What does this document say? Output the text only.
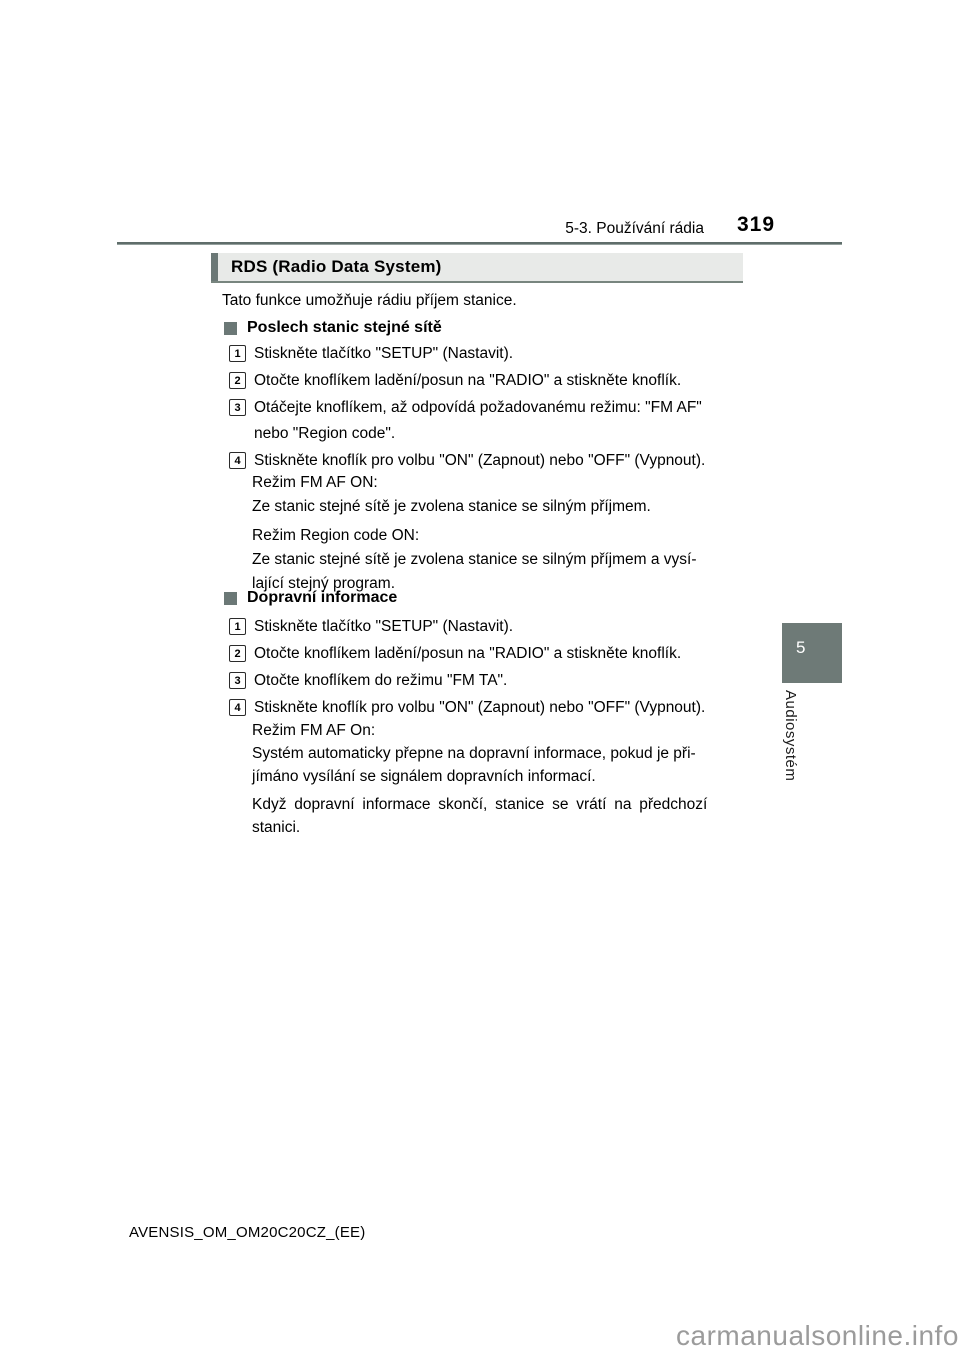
5-3. Používání rádia 319
RDS (Radio Data System)
Tato funkce umožňuje rádiu příjem stanice.
Poslech stanic stejné sítě
1 Stiskněte tlačítko "SETUP" (Nastavit).
2 Otočte knoflíkem ladění/posun na "RADIO" a stiskněte knoflík.
3 Otáčejte knoflíkem, až odpovídá požadovanému režimu: "FM AF"
nebo "Region code".
4 Stiskněte knoflík pro volbu "ON" (Zapnout) nebo "OFF" (Vypnout).
Režim FM AF ON:
Ze stanic stejné sítě je zvolena stanice se silným příjmem.
Režim Region code ON:
Ze stanic stejné sítě je zvolena stanice se silným příjmem a vysí-
lající stejný program.
Dopravní informace
1 Stiskněte tlačítko "SETUP" (Nastavit).
2 Otočte knoflíkem ladění/posun na "RADIO" a stiskněte knoflík.
3 Otočte knoflíkem do režimu "FM TA".
4 Stiskněte knoflík pro volbu "ON" (Zapnout) nebo "OFF" (Vypnout).
Režim FM AF On:
Systém automaticky přepne na dopravní informace, pokud je při-
jímáno vysílání se signálem dopravních informací.
Když dopravní informace skončí, stanice se vrátí na předchozí
stanici.
5
Audiosystém
AVENSIS_OM_OM20C20CZ_(EE)
carmanualsonline.info
